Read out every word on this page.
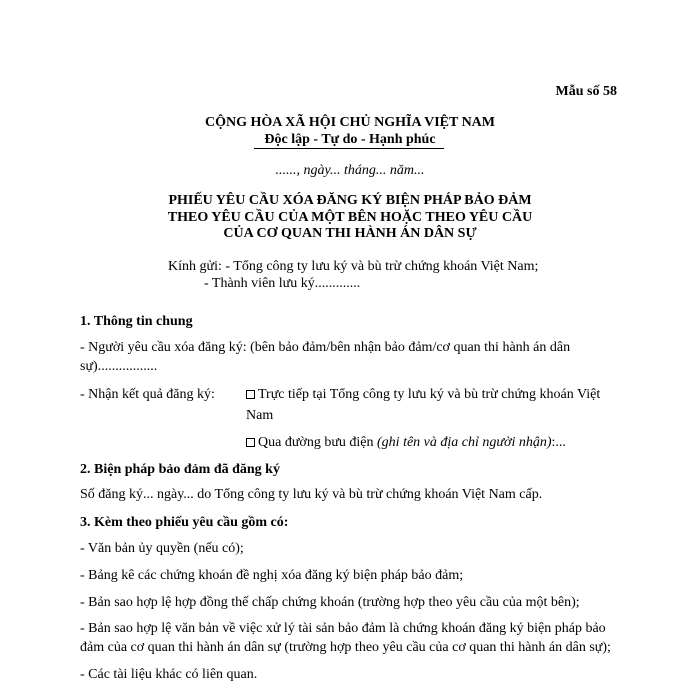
Mẫu số 58
CỘNG HÒA XÃ HỘI CHỦ NGHĨA VIỆT NAM
Độc lập - Tự do - Hạnh phúc
......, ngày... tháng... năm...
PHIẾU YÊU CẦU XÓA ĐĂNG KÝ BIỆN PHÁP BẢO ĐẢM
THEO YÊU CẦU CỦA MỘT BÊN HOẶC THEO YÊU CẦU
CỦA CƠ QUAN THI HÀNH ÁN DÂN SỰ
Kính gửi: - Tổng công ty lưu ký và bù trừ chứng khoán Việt Nam;
- Thành viên lưu ký.............
1. Thông tin chung
- Người yêu cầu xóa đăng ký: (bên bảo đảm/bên nhận bảo đảm/cơ quan thi hành án dân
sự).................
- Nhận kết quả đăng ký:	Trực tiếp tại Tổng công ty lưu ký và bù trừ chứng khoán Việt
Nam
Qua đường bưu điện (ghi tên và địa chỉ người nhận):...
2. Biện pháp bảo đảm đã đăng ký
Số đăng ký... ngày... do Tổng công ty lưu ký và bù trừ chứng khoán Việt Nam cấp.
3. Kèm theo phiếu yêu cầu gồm có:
- Văn bản ủy quyền (nếu có);
- Bảng kê các chứng khoán đề nghị xóa đăng ký biện pháp bảo đảm;
- Bản sao hợp lệ hợp đồng thế chấp chứng khoán (trường hợp theo yêu cầu của một bên);
- Bản sao hợp lệ văn bản về việc xử lý tài sản bảo đảm là chứng khoán đăng ký biện pháp bảo
đảm của cơ quan thi hành án dân sự (trường hợp theo yêu cầu của cơ quan thi hành án dân sự);
- Các tài liệu khác có liên quan.
